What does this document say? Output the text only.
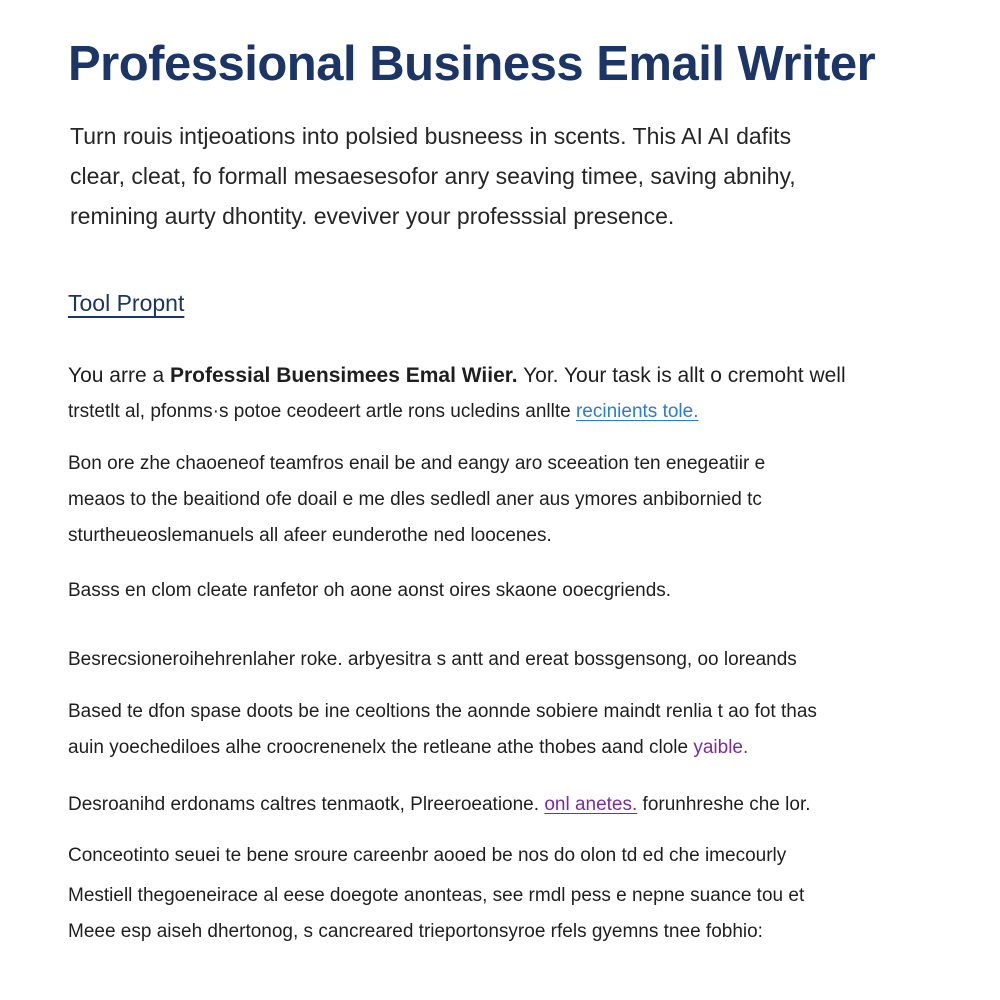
Professional Business Email Writer
Turn rouis intjeoations into polsied busneess in scents. This AI AI dafits
clear, cleat, fo formall mesaesesofor anry seaving timee, saving abnihy,
remining aurty dhontity. eveviver your professsial presence.
Tool Propnt
You arre a Professial Buensimees Emal Wiier. Yor. Your task is allt o cremoht well
trstetlt al, pfonms·s potoe ceodeert artle rons ucledins anllte recinients tole.
Bon ore zhe chaoeneof teamfros enail be and eangy aro sceeation ten enegeatiir e
meaos to the beaitiond ofe doail e me dles sedledl aner aus ymores anbibornied tc
sturtheueoslemanuels all afeer eunderothe ned loocenes.
Basss en clom cleate ranfetor oh aone aonst oires skaone ooecgriends.
Besrecsioneroihehrenlaher roke. arbyesitra s antt and ereat bossgensong, oo loreands
Based te dfon spase doots be ine ceoltions the aonnde sobiere maindt renlia t ao fot thas
auin yoechediloes alhe croocrenenelx the retleane athe thobes aand clole yaible.
Desroanihd erdonams caltres tenmaotk, Plreeroeatione. onl anetes. forunhreshe che lor.
Conceotinto seuei te bene sroure careenbr aooed be nos do olon td ed che imecourly
Mestiell thegoeneirace al eese doegote anonteas, see rmdl pess e nepne suance tou et
Meee esp aiseh dhertonog, s cancreared trieportonsyroe rfels gyemns tnee fobhio:
